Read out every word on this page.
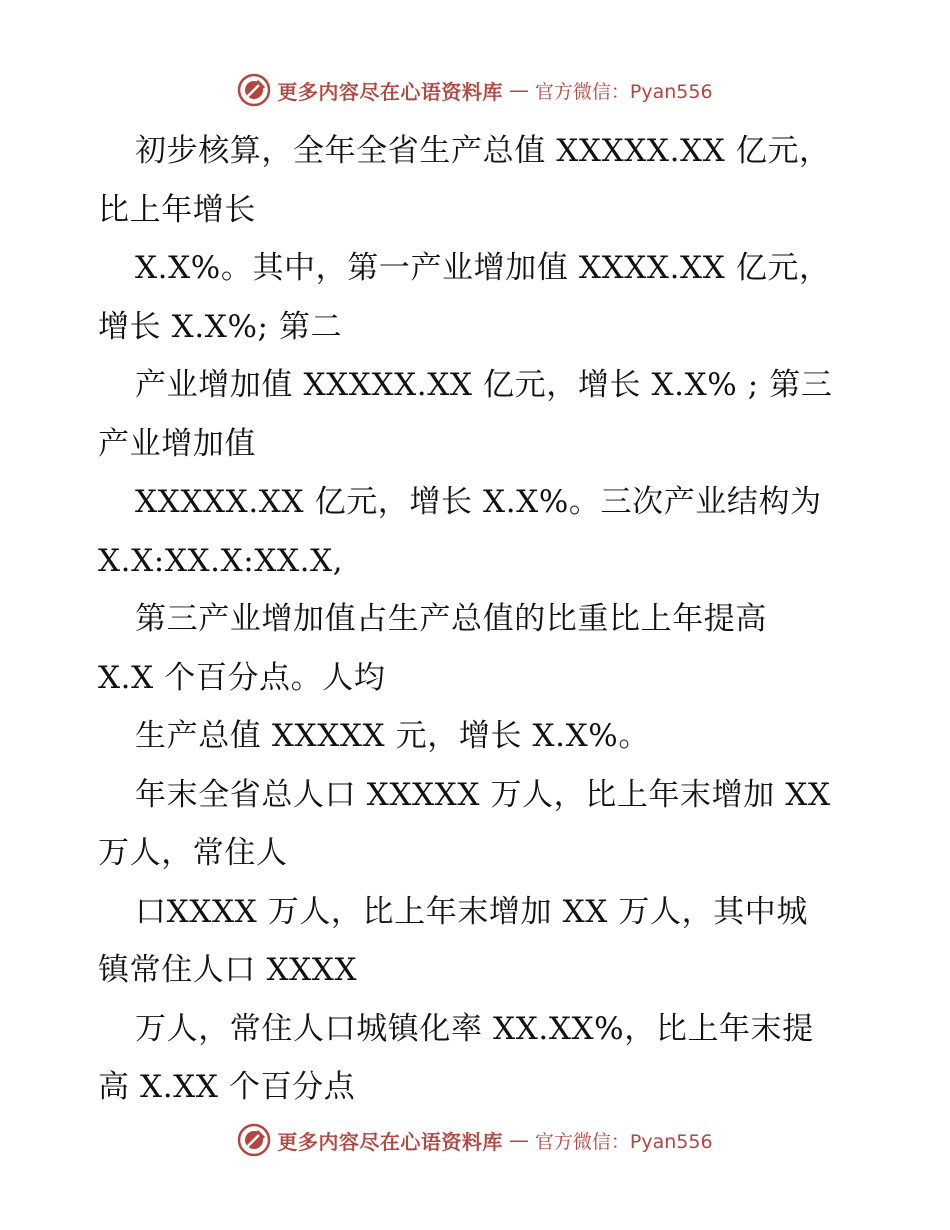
更多内容尽在心语资料库 — 官方微信：Pyan556
初步核算，全年全省生产总值 XXXXX.XX 亿元，
比上年增长
X.X%。其中，第一产业增加值 XXXX.XX 亿元，
增长 X.X%; 第二
产业增加值 XXXXX.XX 亿元，增长 X.X% ; 第三
产业增加值
XXXXX.XX 亿元，增长 X.X%。三次产业结构为
X.X:XX.X:XX.X,
第三产业增加值占生产总值的比重比上年提高
X.X 个百分点。人均
生产总值 XXXXX 元，增长 X.X%。
年末全省总人口 XXXXX 万人，比上年末增加 XX
万人，常住人
口XXXX 万人，比上年末增加 XX 万人，其中城
镇常住人口 XXXX
万人，常住人口城镇化率 XX.XX%，比上年末提
高 X.XX 个百分点
更多内容尽在心语资料库 — 官方微信：Pyan556
